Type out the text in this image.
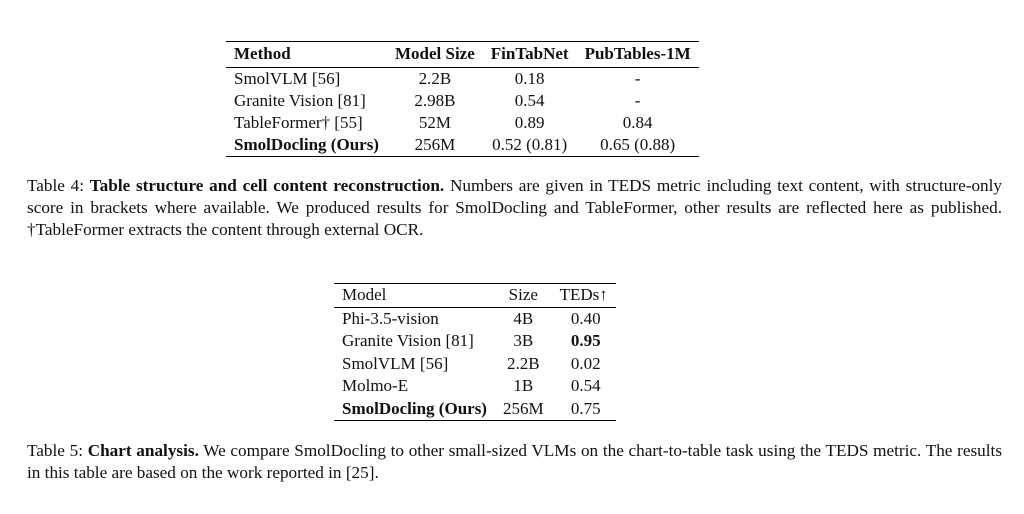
Method	Model Size	FinTabNet	PubTables-1M
SmolVLM [56]	2.2B	0.18	-
Granite Vision [81]	2.98B	0.54	-
TableFormer† [55]	52M	0.89	0.84
SmolDocling (Ours)	256M	0.52 (0.81)	0.65 (0.88)

Table 4: Table structure and cell content reconstruction. Numbers are given in TEDS metric including text content, with structure-only score in brackets where available. We produced results for SmolDocling and TableFormer, other results are reflected here as published. †TableFormer extracts the content through external OCR.

Model	Size	TEDs↑
Phi-3.5-vision	4B	0.40
Granite Vision [81]	3B	0.95
SmolVLM [56]	2.2B	0.02
Molmo-E	1B	0.54
SmolDocling (Ours)	256M	0.75

Table 5: Chart analysis. We compare SmolDocling to other small-sized VLMs on the chart-to-table task using the TEDS metric. The results in this table are based on the work reported in [25].
